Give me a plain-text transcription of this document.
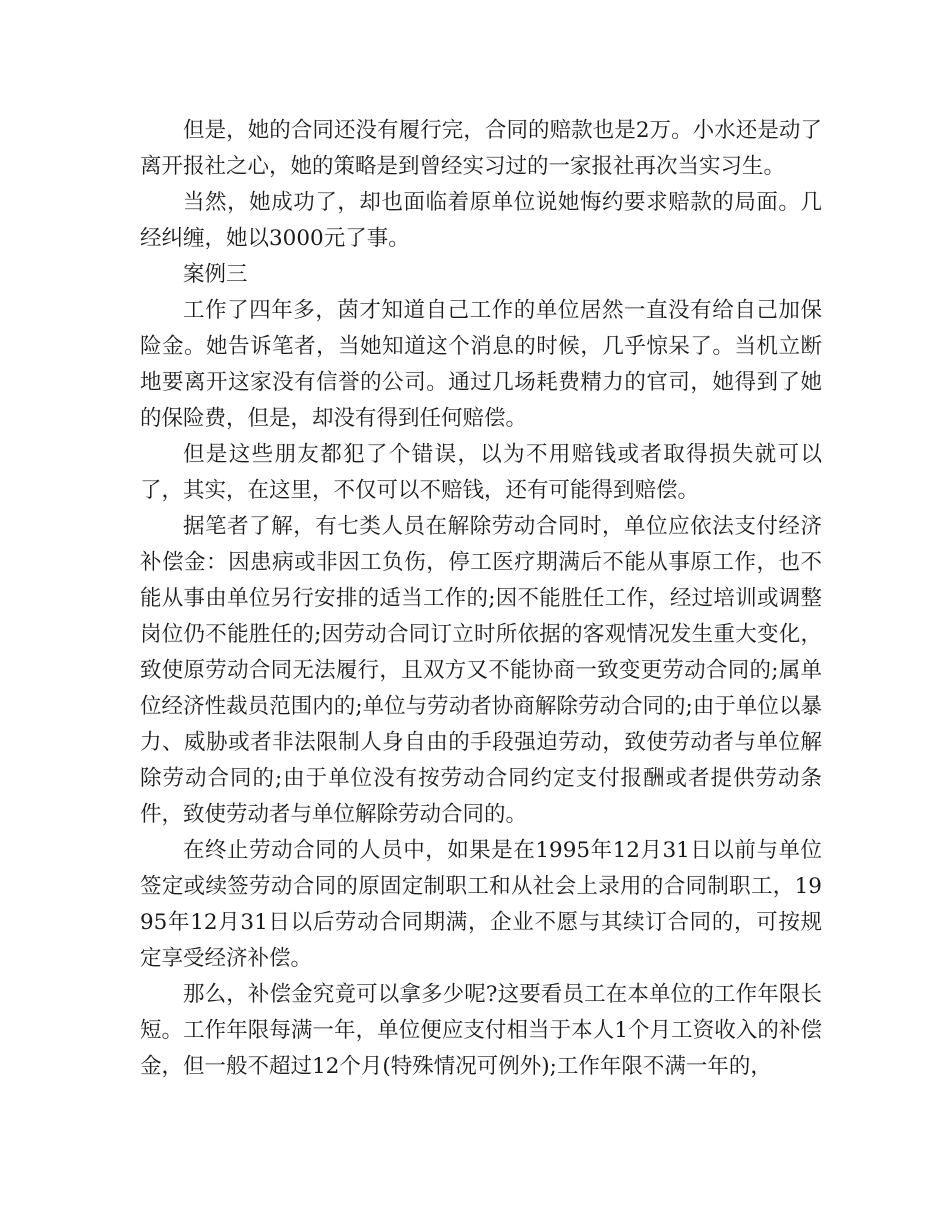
但是，她的合同还没有履行完，合同的赔款也是2万。小水还是动了离开报社之心，她的策略是到曾经实习过的一家报社再次当实习生。

当然，她成功了，却也面临着原单位说她悔约要求赔款的局面。几经纠缠，她以3000元了事。

案例三

工作了四年多，茵才知道自己工作的单位居然一直没有给自己加保险金。她告诉笔者，当她知道这个消息的时候，几乎惊呆了。当机立断地要离开这家没有信誉的公司。通过几场耗费精力的官司，她得到了她的保险费，但是，却没有得到任何赔偿。

但是这些朋友都犯了个错误，以为不用赔钱或者取得损失就可以了，其实，在这里，不仅可以不赔钱，还有可能得到赔偿。

据笔者了解，有七类人员在解除劳动合同时，单位应依法支付经济补偿金：因患病或非因工负伤，停工医疗期满后不能从事原工作，也不能从事由单位另行安排的适当工作的;因不能胜任工作，经过培训或调整岗位仍不能胜任的;因劳动合同订立时所依据的客观情况发生重大变化，致使原劳动合同无法履行，且双方又不能协商一致变更劳动合同的;属单位经济性裁员范围内的;单位与劳动者协商解除劳动合同的;由于单位以暴力、威胁或者非法限制人身自由的手段强迫劳动，致使劳动者与单位解除劳动合同的;由于单位没有按劳动合同约定支付报酬或者提供劳动条件，致使劳动者与单位解除劳动合同的。

在终止劳动合同的人员中，如果是在1995年12月31日以前与单位签定或续签劳动合同的原固定制职工和从社会上录用的合同制职工，1995年12月31日以后劳动合同期满，企业不愿与其续订合同的，可按规定享受经济补偿。

那么，补偿金究竟可以拿多少呢?这要看员工在本单位的工作年限长短。工作年限每满一年，单位便应支付相当于本人1个月工资收入的补偿金，但一般不超过12个月(特殊情况可例外);工作年限不满一年的，
